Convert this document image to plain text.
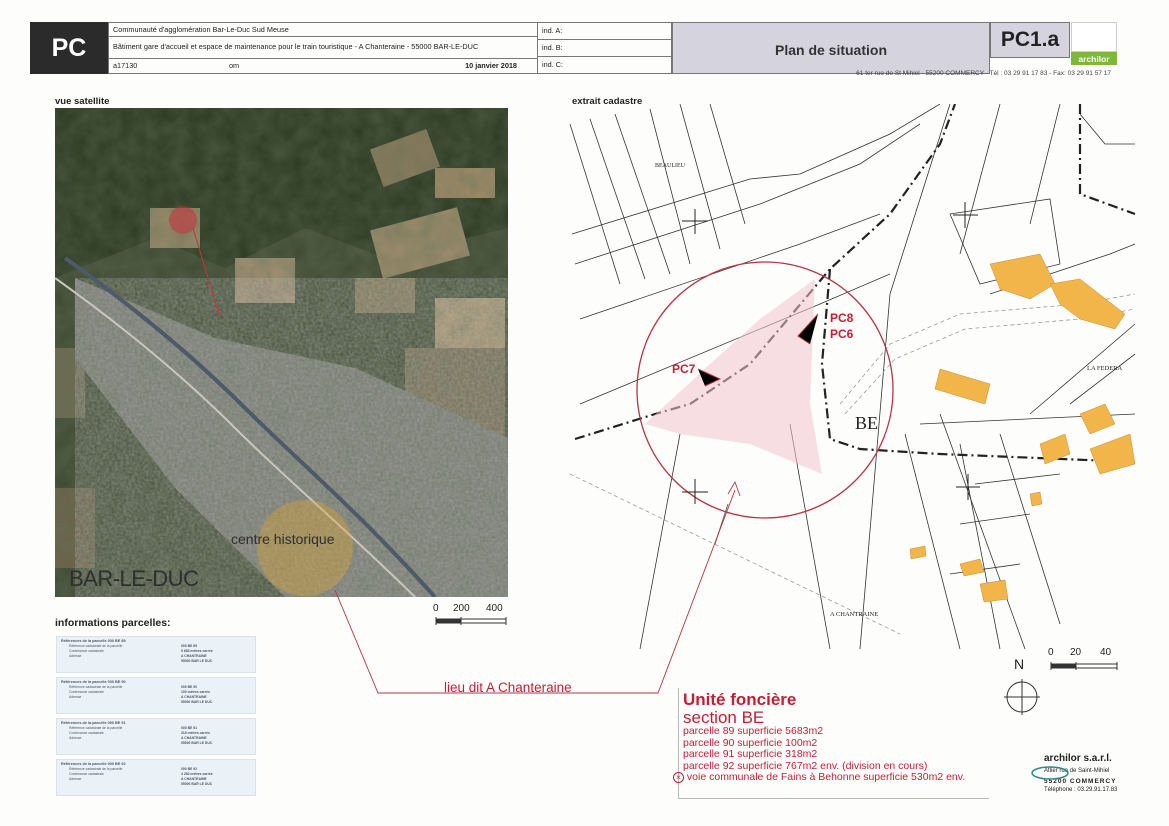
PC
Communauté d'agglomération Bar-Le-Duc Sud Meuse
Bâtiment gare d'accueil et espace de maintenance pour le train touristique - A Chanteraine - 55000 BAR-LE-DUC
a17130	om	10 janvier 2018
ind. A:
ind. B:
ind. C:
Plan de situation	PC1.a
archilor
61 ter rue de St Mihiel - 55200 COMMERCY - Tél : 03 29 91 17 83 - Fax: 03 29 91 57 17
vue satellite
centre historique
BAR-LE-DUC
0 200 400
informations parcelles:
Références de la parcelle 000 BE 89
Référence cadastrale de la parcelle	000 BE 89
Contenance cadastrale	5 683 mètres carrés
Adresse	A CHANTRAINE
55000 BAR LE DUC
Références de la parcelle 000 BE 90
Référence cadastrale de la parcelle	000 BE 90
Contenance cadastrale	100 mètres carrés
Adresse	A CHANTRAINE
55000 BAR LE DUC
Références de la parcelle 000 BE 91
Référence cadastrale de la parcelle	000 BE 91
Contenance cadastrale	318 mètres carrés
Adresse	A CHANTRAINE
55000 BAR LE DUC
Références de la parcelle 000 BE 92
Référence cadastrale de la parcelle	000 BE 92
Contenance cadastrale	4 282 mètres carrés
Adresse	A CHANTRAINE
55000 BAR LE DUC
extrait cadastre
BEAULIEU
LA FEDERA
A CHANTRAINE
BE
PC8
PC6
PC7
N
0 20 40
lieu dit A Chanteraine
Unité foncière
section BE
parcelle 89 superficie 5683m2
parcelle 90 superficie 100m2
parcelle 91 superficie 318m2
parcelle 92 superficie 767m2 env. (division en cours)
× voie communale de Fains à Behonne superficie 530m2 env.
archilor s.a.r.l.
Atlier rue de Saint-Mihiel
55200 COMMERCY
Téléphone : 03.29.91.17.83
